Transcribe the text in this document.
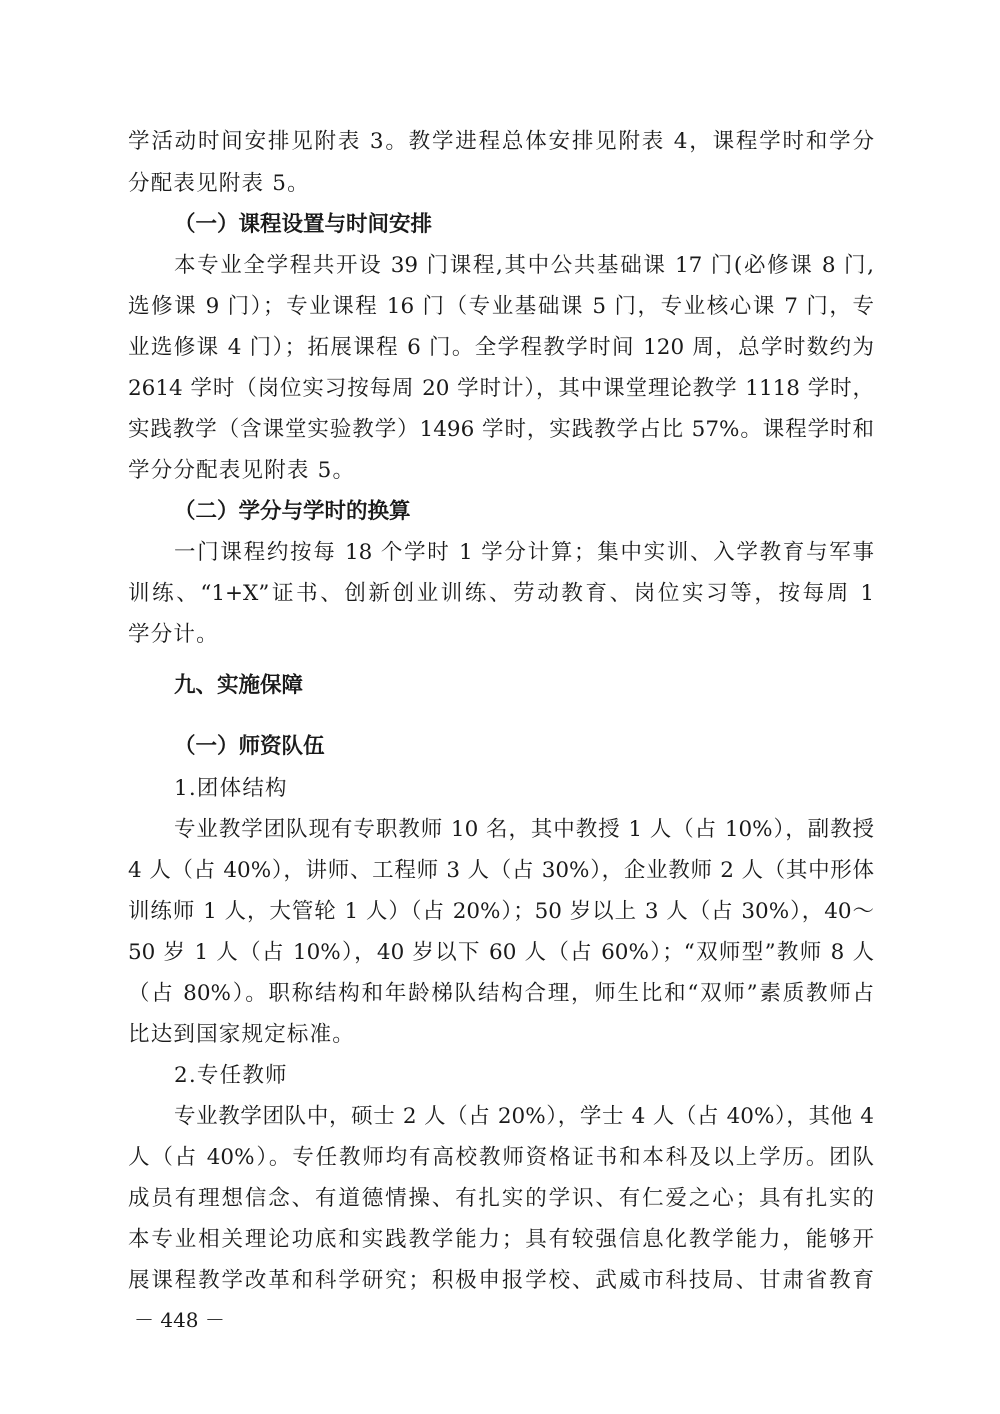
学活动时间安排见附表 3。教学进程总体安排见附表 4，课程学时和学分
分配表见附表 5。
（一）课程设置与时间安排
本专业全学程共开设 39 门课程,其中公共基础课 17 门(必修课 8 门,
选修课 9 门）；专业课程 16 门（专业基础课 5 门，专业核心课 7 门，专
业选修课 4 门）；拓展课程 6 门。全学程教学时间 120 周，总学时数约为
2614 学时（岗位实习按每周 20 学时计），其中课堂理论教学 1118 学时，
实践教学（含课堂实验教学）1496 学时，实践教学占比 57%。课程学时和
学分分配表见附表 5。
（二）学分与学时的换算
一门课程约按每 18 个学时 1 学分计算；集中实训、入学教育与军事
训练、“1+X”证书、创新创业训练、劳动教育、岗位实习等，按每周 1
学分计。
九、实施保障
（一）师资队伍
1.团体结构
专业教学团队现有专职教师 10 名，其中教授 1 人（占 10%），副教授
4 人（占 40%），讲师、工程师 3 人（占 30%），企业教师 2 人（其中形体
训练师 1 人，大管轮 1 人）（占 20%）；50 岁以上 3 人（占 30%），40～
50 岁 1 人（占 10%），40 岁以下 60 人（占 60%）；“双师型”教师 8 人
（占 80%）。职称结构和年龄梯队结构合理，师生比和“双师”素质教师占
比达到国家规定标准。
2.专任教师
专业教学团队中，硕士 2 人（占 20%），学士 4 人（占 40%），其他 4
人（占 40%）。专任教师均有高校教师资格证书和本科及以上学历。团队
成员有理想信念、有道德情操、有扎实的学识、有仁爱之心；具有扎实的
本专业相关理论功底和实践教学能力；具有较强信息化教学能力，能够开
展课程教学改革和科学研究；积极申报学校、武威市科技局、甘肃省教育
－ 448 －
